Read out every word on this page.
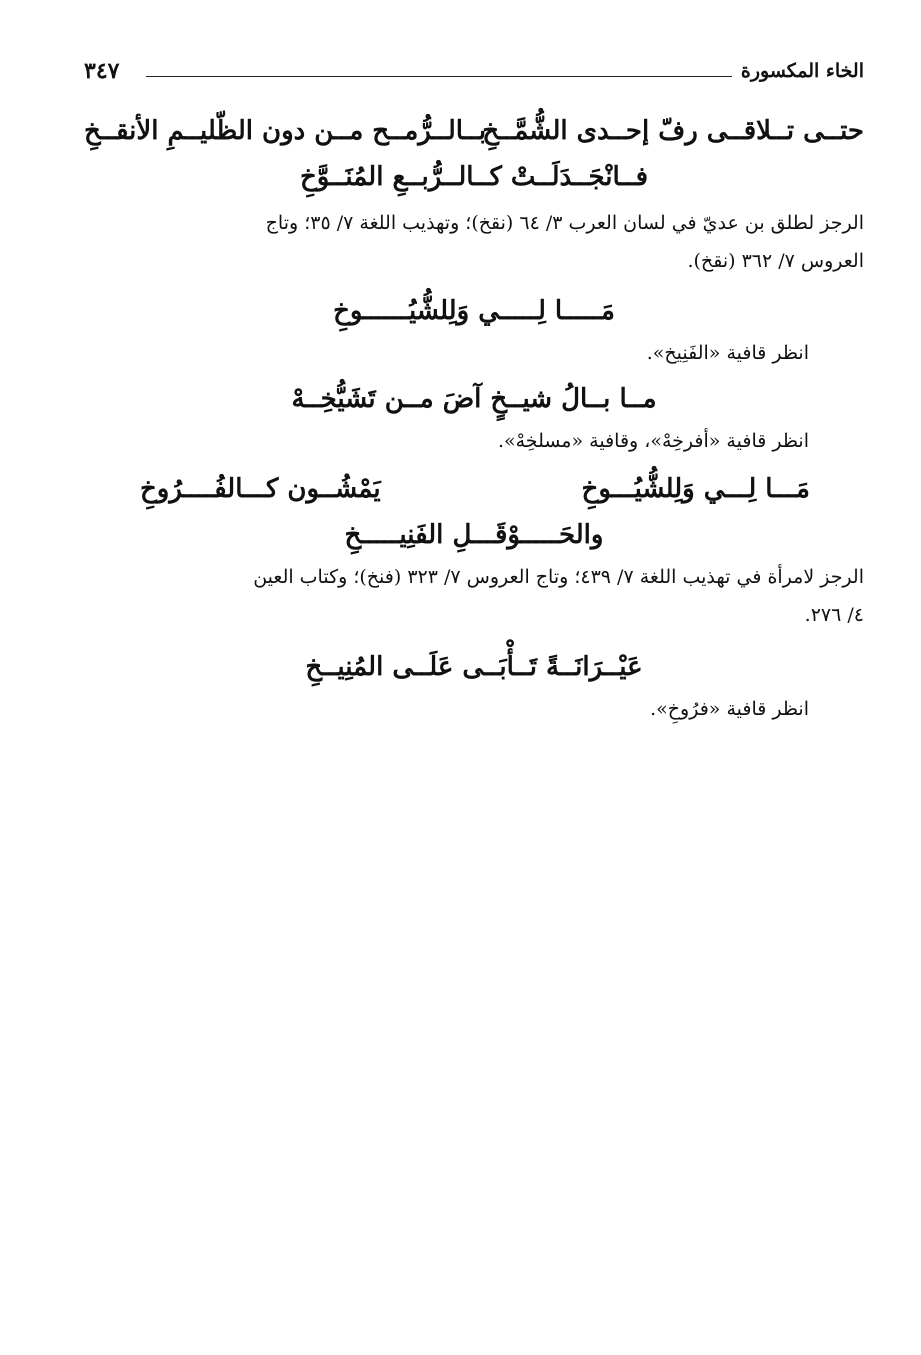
الخاء المكسورة
٣٤٧
حتــى تــلاقــى رفّ إحــدى الشُّمَّــخِ
بــالــرُّمــح مــن دون الظّليــمِ الأنقــخِ
فــانْجَــدَلَــتْ كــالــرُّبــعِ المُنَــوَّخِ
الرجز لطلق بن عديّ في لسان العرب ٣/ ٦٤ (نقخ)؛ وتهذيب اللغة ٧/ ٣٥؛ وتاج
العروس ٧/ ٣٦٢ (نقخ).
مَـــــا لِـــــي وَلِلشُّيُــــــوخِ
انظر قافية «الفَنِيخ».
مــا بــالُ شيــخٍ آضَ مــن تَشَيُّخِــهْ
انظر قافية «أفرخِهْ»، وقافية «مسلخِهْ».
مَـــا لِـــي وَلِلشُّيُـــوخِ
يَمْشُــون كـــالفُــــرُوخِ
والحَـــــوْقَـــلِ الفَنِيـــــخِ
الرجز لامرأة في تهذيب اللغة ٧/ ٤٣٩؛ وتاج العروس ٧/ ٣٢٣ (فنخ)؛ وكتاب العين
٤/ ٢٧٦.
عَيْــرَانَــةً تَــأْبَــى عَلَــى المُنِيــخِ
انظر قافية «فرُوخِ».
